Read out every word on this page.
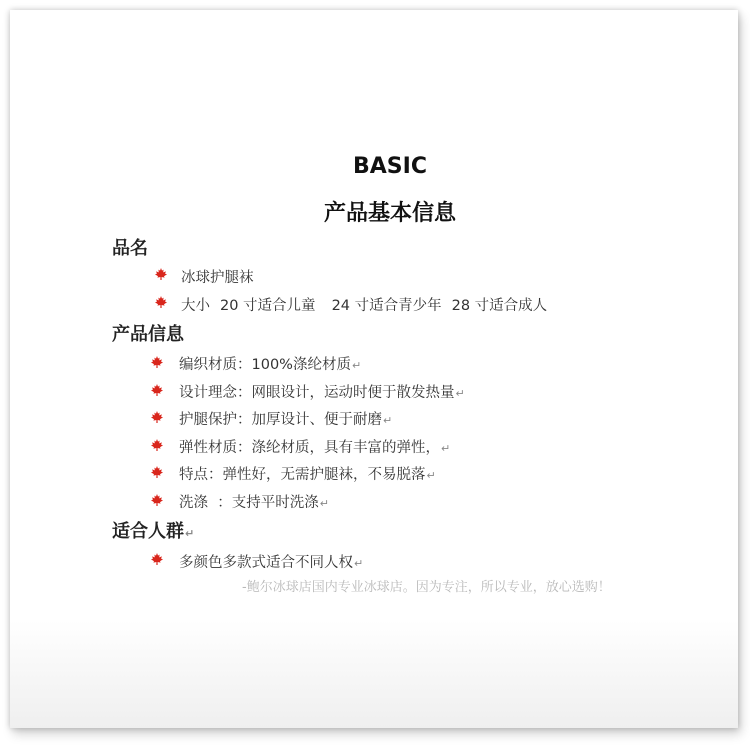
BASIC
产品基本信息
品名
冰球护腿袜
大小 20 寸适合儿童 24 寸适合青少年 28 寸适合成人
产品信息
编织材质：100%涤纶材质↵
设计理念：网眼设计，运动时便于散发热量↵
护腿保护：加厚设计、便于耐磨↵
弹性材质：涤纶材质，具有丰富的弹性，↵
特点：弹性好，无需护腿袜，不易脱落↵
洗涤  ：支持平时洗涤↵
适合人群↵
多颜色多款式适合不同人权↵
-鲍尔冰球店国内专业冰球店。因为专注，所以专业，放心选购！
